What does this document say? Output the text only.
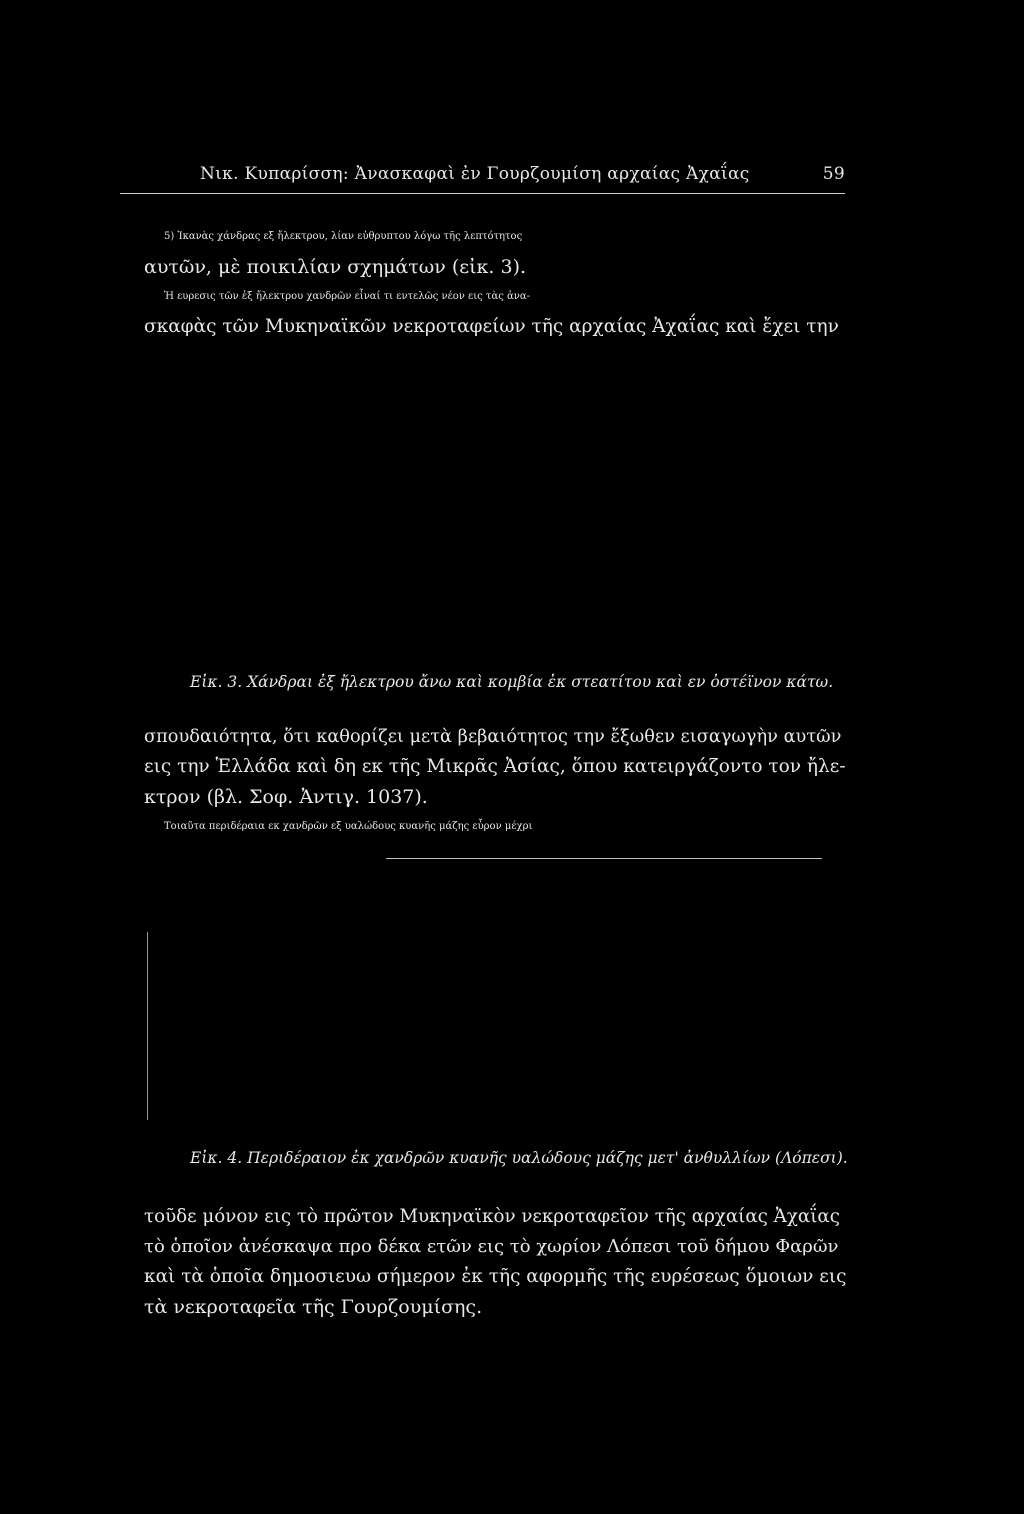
Νικ. Κυπαρίσση: Ἀνασκαφαὶ ἐν Γουρζουμίση αρχαίας Ἀχαΐας	59
5) Ἱκανὰς χάνδρας εξ ἤλεκτρου, λίαν εὐθρυπτου λόγω τῆς λεπτότητος
αυτῶν, μὲ ποικιλίαν σχημάτων (εἰκ. 3).
Ἡ ευρεσις τῶν ἐξ ἤλεκτρου χανδρῶν εἶναί τι εντελῶς νέον εις τὰς ἀνα-
σκαφὰς τῶν Μυκηναϊκῶν νεκροταφείων τῆς αρχαίας Ἀχαΐας καὶ ἔχει την
Εἰκ. 3. Χάνδραι ἐξ ἤλεκτρου ἄνω καὶ κομβία ἐκ στεατίτου καὶ εν ὀστέϊνον κάτω.
σπουδαιότητα, ὅτι καθορίζει μετὰ βεβαιότητος την ἔξωθεν εισαγωγὴν αυτῶν
εις την Ἑλλάδα καὶ δη εκ τῆς Μικρᾶς Ἀσίας, ὅπου κατειργάζοντο τον ἤλε-
κτρον (βλ. Σοφ. Ἀντιγ. 1037).
Τοιαῦτα περιδέραια εκ χανδρῶν εξ υαλώδους κυανῆς μάζης εὗρον μέχρι
Εἰκ. 4. Περιδέραιον ἐκ χανδρῶν κυανῆς υαλώδους μάζης μετ' ἀνθυλλίων (Λόπεσι).
τοῦδε μόνον εις τὸ πρῶτον Μυκηναϊκὸν νεκροταφεῖον τῆς αρχαίας Ἀχαΐας
τὸ ὁποῖον ἀνέσκαψα προ δέκα ετῶν εις τὸ χωρίον Λόπεσι τοῦ δήμου Φαρῶν
καὶ τὰ ὁποῖα δημοσιευω σήμερον ἐκ τῆς αφορμῆς τῆς ευρέσεως ὅμοιων εις
τὰ νεκροταφεῖα τῆς Γουρζουμίσης.
